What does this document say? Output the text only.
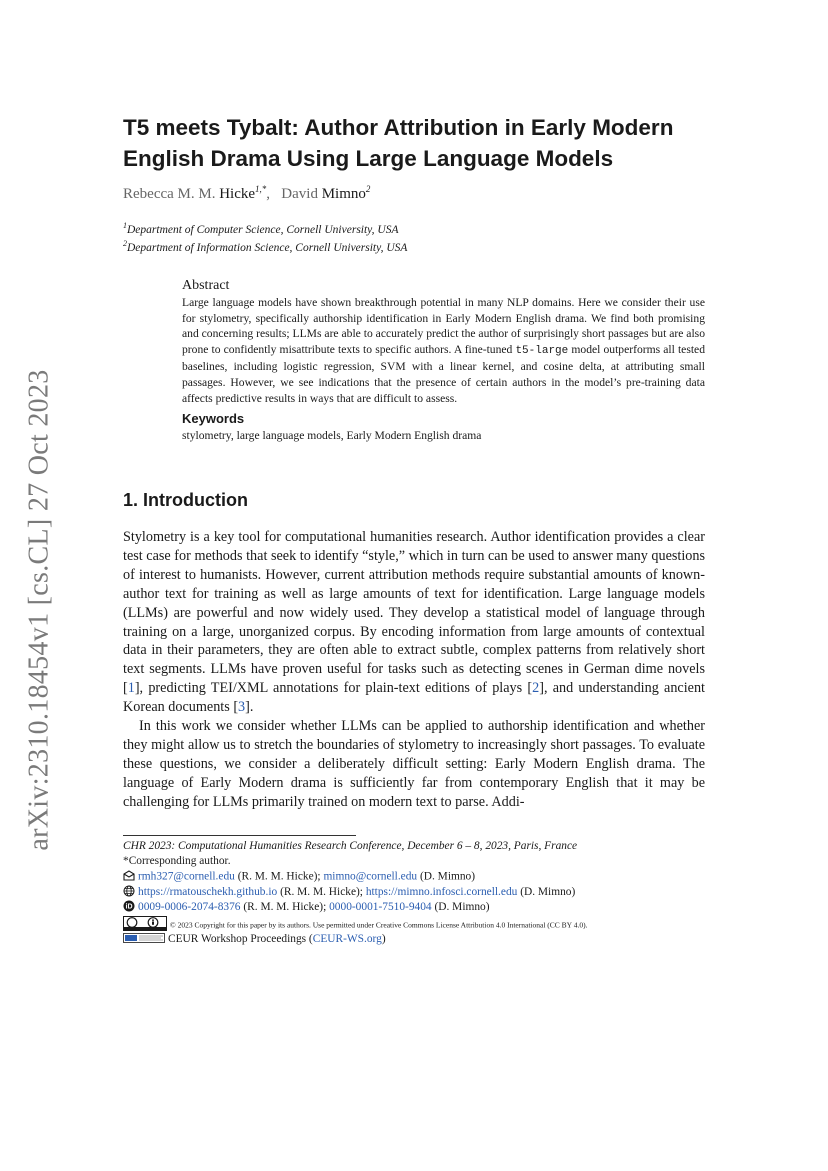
arXiv:2310.18454v1 [cs.CL] 27 Oct 2023
T5 meets Tybalt: Author Attribution in Early Modern English Drama Using Large Language Models
Rebecca M. M. Hicke$^{1,*}$,   David Mimno$^2$
$^1$Department of Computer Science, Cornell University, USA
$^2$Department of Information Science, Cornell University, USA
Abstract

Large language models have shown breakthrough potential in many NLP domains. Here we consider their use for stylometry, specifically authorship identification in Early Modern English drama. We find both promising and concerning results; LLMs are able to accurately predict the author of surprisingly short passages but are also prone to confidently misattribute texts to specific authors. A fine-tuned t5-large model outperforms all tested baselines, including logistic regression, SVM with a linear kernel, and cosine delta, at attributing small passages. However, we see indications that the presence of certain authors in the model’s pre-training data affects predictive results in ways that are difficult to assess.

Keywords

stylometry, large language models, Early Modern English drama

1. Introduction

Stylometry is a key tool for computational humanities research. Author identification provides a clear test case for methods that seek to identify “style,” which in turn can be used to answer many questions of interest to humanists. However, current attribution methods require substantial amounts of known-author text for training as well as large amounts of text for identification. Large language models (LLMs) are powerful and now widely used. They develop a statistical model of language through training on a large, unorganized corpus. By encoding information from large amounts of contextual data in their parameters, they are often able to extract subtle, complex patterns from relatively short text segments. LLMs have proven useful for tasks such as detecting scenes in German dime novels [1], predicting TEI/XML annotations for plain-text editions of plays [2], and understanding ancient Korean documents [3].

In this work we consider whether LLMs can be applied to authorship identification and whether they might allow us to stretch the boundaries of stylometry to increasingly short passages. To evaluate these questions, we consider a deliberately difficult setting: Early Modern English drama. The language of Early Modern drama is sufficiently far from contemporary English that it may be challenging for LLMs primarily trained on modern text to parse. Addi-

CHR 2023: Computational Humanities Research Conference, December 6 – 8, 2023, Paris, France
*Corresponding author.
rmh327@cornell.edu (R. M. M. Hicke); mimno@cornell.edu (D. Mimno)
https://rmatouschekh.github.io (R. M. M. Hicke); https://mimno.infosci.cornell.edu (D. Mimno)
iD 0009-0006-2074-8376 (R. M. M. Hicke); 0000-0001-7510-9404 (D. Mimno)
© 2023 Copyright for this paper by its authors. Use permitted under Creative Commons License Attribution 4.0 International (CC BY 4.0).
CEUR Workshop Proceedings (CEUR-WS.org)
